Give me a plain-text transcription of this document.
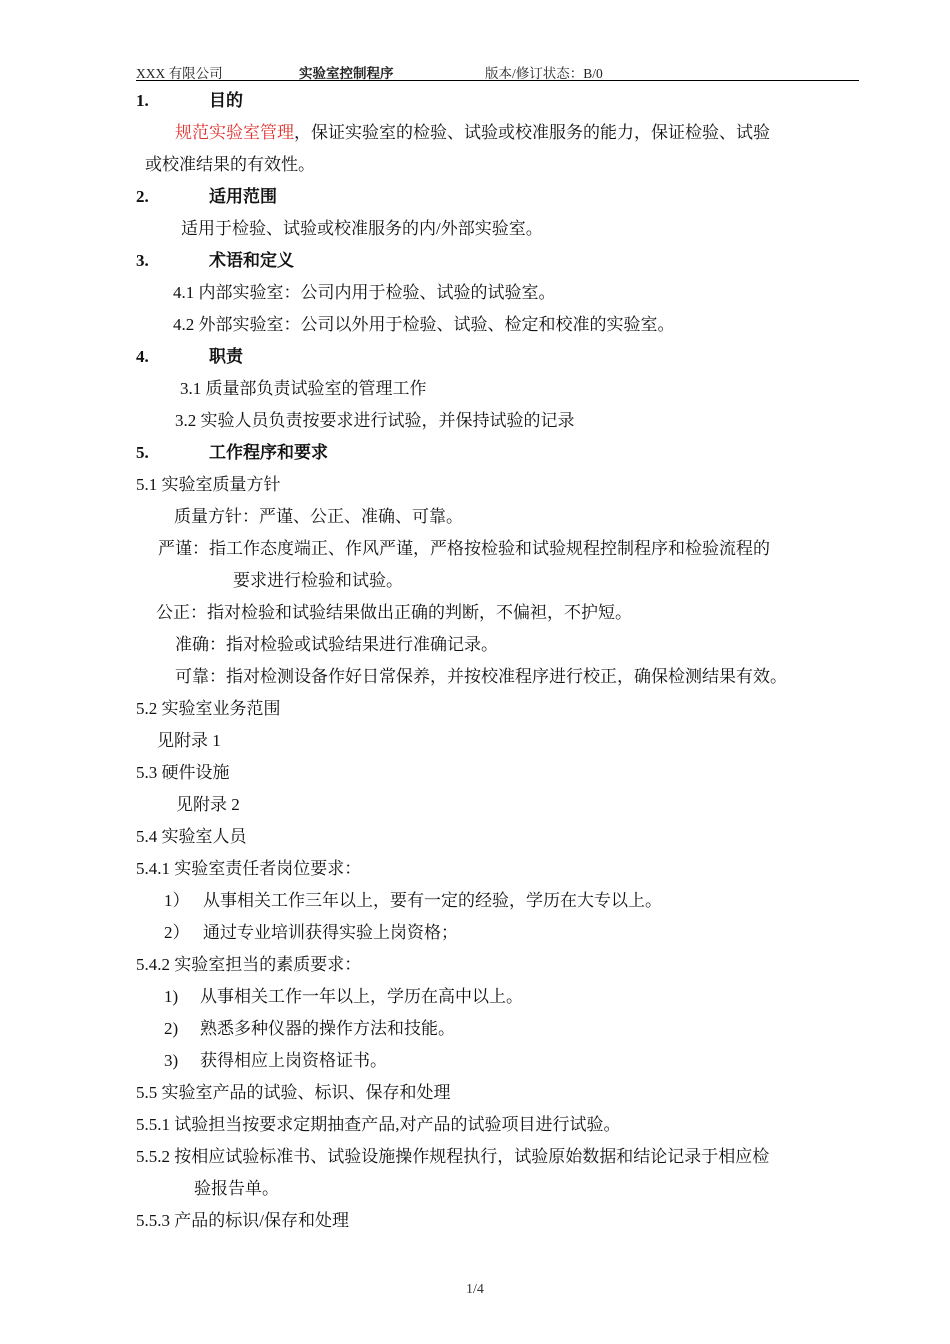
XXX 有限公司	实验室控制程序	版本/修订状态：B/0
1.	目的
规范实验室管理，保证实验室的检验、试验或校准服务的能力，保证检验、试验
或校准结果的有效性。
2.	适用范围
适用于检验、试验或校准服务的内/外部实验室。
3.	术语和定义
4.1 内部实验室：公司内用于检验、试验的试验室。
4.2 外部实验室：公司以外用于检验、试验、检定和校准的实验室。
4.	职责
3.1 质量部负责试验室的管理工作
3.2 实验人员负责按要求进行试验，并保持试验的记录
5.	工作程序和要求
5.1 实验室质量方针
质量方针：严谨、公正、准确、可靠。
严谨：指工作态度端正、作风严谨，严格按检验和试验规程控制程序和检验流程的
要求进行检验和试验。
公正：指对检验和试验结果做出正确的判断，不偏袒，不护短。
准确：指对检验或试验结果进行准确记录。
可靠：指对检测设备作好日常保养，并按校准程序进行校正，确保检测结果有效。
5.2 实验室业务范围
见附录 1
5.3 硬件设施
见附录 2
5.4 实验室人员
5.4.1 实验室责任者岗位要求：
1） 从事相关工作三年以上，要有一定的经验，学历在大专以上。
2） 通过专业培训获得实验上岗资格；
5.4.2 实验室担当的素质要求：
1) 从事相关工作一年以上，学历在高中以上。
2) 熟悉多种仪器的操作方法和技能。
3) 获得相应上岗资格证书。
5.5 实验室产品的试验、标识、保存和处理
5.5.1 试验担当按要求定期抽查产品,对产品的试验项目进行试验。
5.5.2 按相应试验标准书、试验设施操作规程执行，试验原始数据和结论记录于相应检
验报告单。
5.5.3 产品的标识/保存和处理
1/4
